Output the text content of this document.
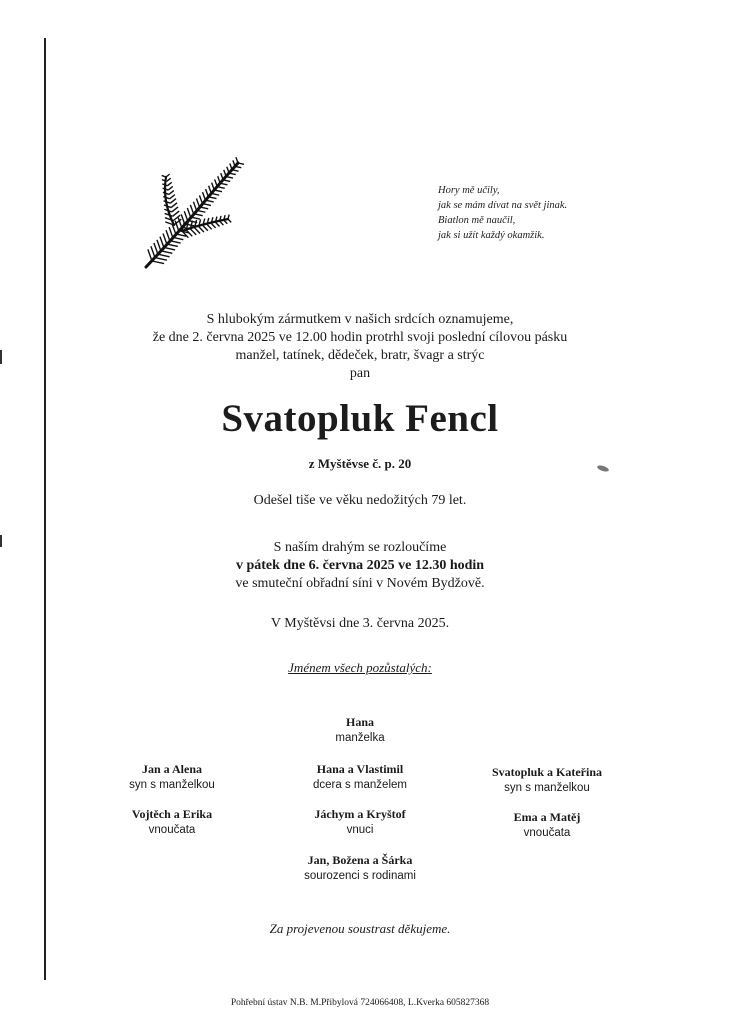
Hory mě učily,
jak se mám dívat na svět jinak.
Biatlon mě naučil,
jak si užít každý okamžik.
S hlubokým zármutkem v našich srdcích oznamujeme,
že dne 2. června 2025 ve 12.00 hodin protrhl svoji poslední cílovou pásku
manžel, tatínek, dědeček, bratr, švagr a strýc
pan
Svatopluk Fencl
z Myštěvse č. p. 20
Odešel tiše ve věku nedožitých 79 let.
S naším drahým se rozloučíme
v pátek dne 6. června 2025 ve 12.30 hodin
ve smuteční obřadní síni v Novém Bydžově.
V Myštěvsi dne 3. června 2025.
Jménem všech pozůstalých:
Hana
manželka
Jan a Alena
syn s manželkou
Hana a Vlastimil
dcera s manželem
Svatopluk a Kateřina
syn s manželkou
Vojtěch a Erika
vnoučata
Jáchym a Kryštof
vnuci
Ema a Matěj
vnoučata
Jan, Božena a Šárka
sourozenci s rodinami
Za projevenou soustrast děkujeme.
Pohřební ústav N.B. M.Přibylová 724066408, L.Kverka 605827368
